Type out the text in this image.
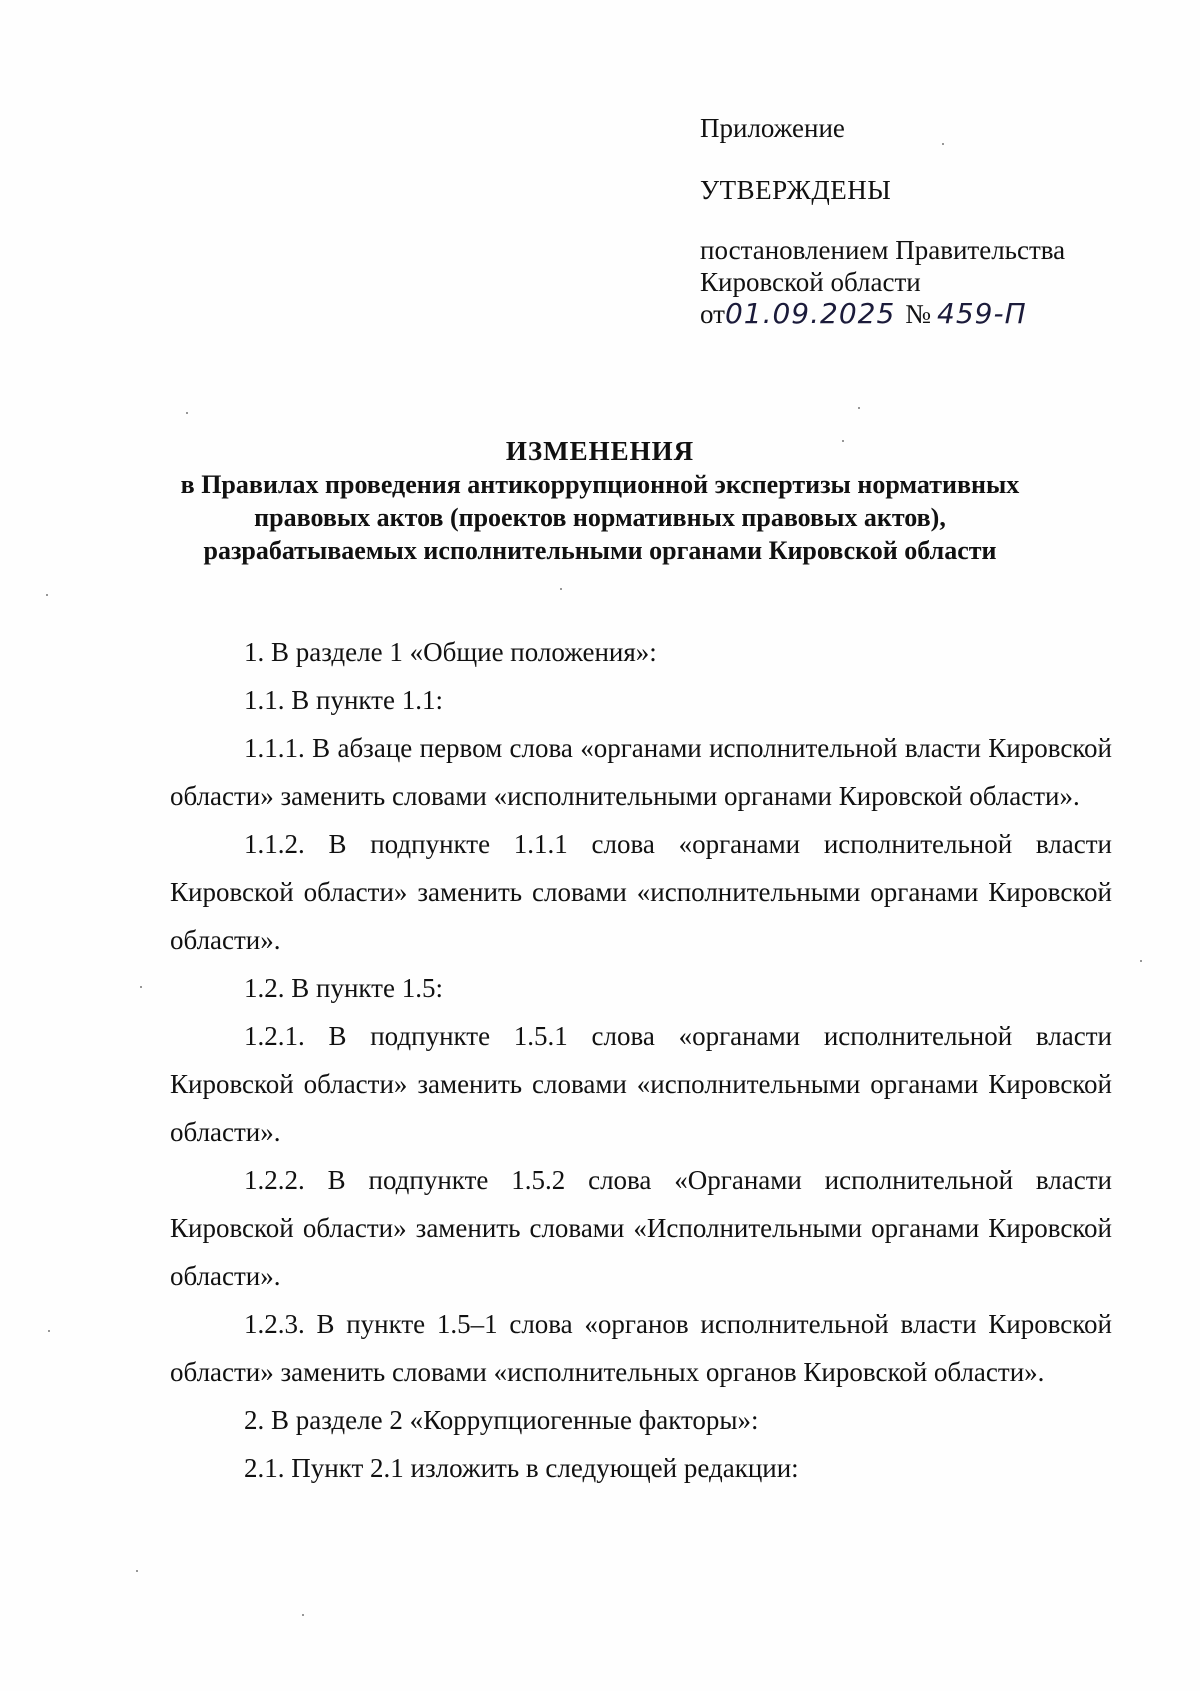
Приложение
УТВЕРЖДЕНЫ
постановлением Правительства
Кировской области
от01.09.2025 № 459-П
ИЗМЕНЕНИЯ
в Правилах проведения антикоррупционной экспертизы нормативных
правовых актов (проектов нормативных правовых актов),
разрабатываемых исполнительными органами Кировской области

1. В разделе 1 «Общие положения»:

1.1. В пункте 1.1:

1.1.1. В абзаце первом слова «органами исполнительной власти Кировской области» заменить словами «исполнительными органами Кировской области».

1.1.2. В подпункте 1.1.1 слова «органами исполнительной власти Кировской области» заменить словами «исполнительными органами Кировской области».

1.2. В пункте 1.5:

1.2.1. В подпункте 1.5.1 слова «органами исполнительной власти Кировской области» заменить словами «исполнительными органами Кировской области».

1.2.2. В подпункте 1.5.2 слова «Органами исполнительной власти Кировской области» заменить словами «Исполнительными органами Кировской области».

1.2.3. В пункте 1.5–1 слова «органов исполнительной власти Кировской области» заменить словами «исполнительных органов Кировской области».

2. В разделе 2 «Коррупциогенные факторы»:

2.1. Пункт 2.1 изложить в следующей редакции:
